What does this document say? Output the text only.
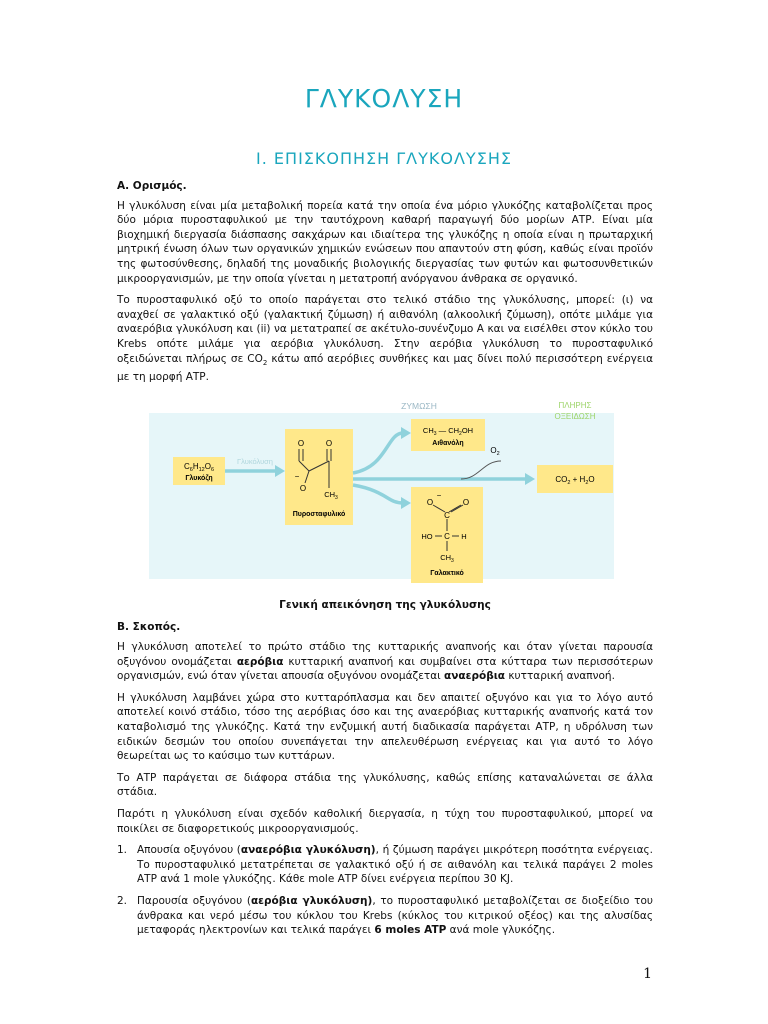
ΓΛΥΚΟΛΥΣΗ
Ι. ΕΠΙΣΚΟΠΗΣΗ ΓΛΥΚΟΛΥΣΗΣ
Α. Ορισμός.

Η γλυκόλυση είναι μία μεταβολική πορεία κατά την οποία ένα μόριο γλυκόζης καταβολίζεται προς δύο μόρια πυροσταφυλικού με την ταυτόχρονη καθαρή παραγωγή δύο μορίων ΑΤΡ. Είναι μία βιοχημική διεργασία διάσπασης σακχάρων και ιδιαίτερα της γλυκόζης η οποία είναι η πρωταρχική μητρική ένωση όλων των οργανικών χημικών ενώσεων που απαντούν στη φύση, καθώς είναι προϊόν της φωτοσύνθεσης, δηλαδή της μοναδικής βιολογικής διεργασίας των φυτών και φωτοσυνθετικών μικροοργανισμών, με την οποία γίνεται η μετατροπή ανόργανου άνθρακα σε οργανικό.

Το πυροσταφυλικό οξύ το οποίο παράγεται στο τελικό στάδιο της γλυκόλυσης, μπορεί: (ι) να αναχθεί σε γαλακτικό οξύ (γαλακτική ζύμωση) ή αιθανόλη (αλκοολική ζύμωση), οπότε μιλάμε για αναερόβια γλυκόλυση και (ii) να μετατραπεί σε ακέτυλο-συνένζυμο Α και να εισέλθει στον κύκλο του Krebs οπότε μιλάμε για αερόβια γλυκόλυση. Στην αερόβια γλυκόλυση το πυροσταφυλικό οξειδώνεται πλήρως σε $CO_2$ κάτω από αερόβιες συνθήκες και μας δίνει πολύ περισσότερη ενέργεια με τη μορφή ΑΤΡ.

ΖΥΜΩΣΗ	ΠΛΗΡΗΣ
ΟΞΕΙΔΩΣΗ
Γλυκόλυση
$C_6H_{12}O_6$
Γλυκόζη
O	O
−
O
$CH_3$
Πυροσταφυλικό
$O_2$
$CH_3$ — $CH_2OH$
Αιθανόλη
−
O	O
C
HO C H
$CH_3$
Γαλακτικό
$CO_2 + H_2O$
Γενική απεικόνηση της γλυκόλυσης
Β. Σκοπός.

Η γλυκόλυση αποτελεί το πρώτο στάδιο της κυτταρικής αναπνοής και όταν γίνεται παρουσία οξυγόνου ονομάζεται αερόβια κυτταρική αναπνοή και συμβαίνει στα κύτταρα των περισσότερων οργανισμών, ενώ όταν γίνεται απουσία οξυγόνου ονομάζεται αναερόβια κυτταρική αναπνοή.

Η γλυκόλυση λαμβάνει χώρα στο κυτταρόπλασμα και δεν απαιτεί οξυγόνο και για το λόγο αυτό αποτελεί κοινό στάδιο, τόσο της αερόβιας όσο και της αναερόβιας κυτταρικής αναπνοής κατά τον καταβολισμό της γλυκόζης. Κατά την ενζυμική αυτή διαδικασία παράγεται ΑΤΡ, η υδρόλυση των ειδικών δεσμών του οποίου συνεπάγεται την απελευθέρωση ενέργειας και για αυτό το λόγο θεωρείται ως το καύσιμο των κυττάρων.

Το ΑΤΡ παράγεται σε διάφορα στάδια της γλυκόλυσης, καθώς επίσης καταναλώνεται σε άλλα στάδια.

Παρότι η γλυκόλυση είναι σχεδόν καθολική διεργασία, η τύχη του πυροσταφυλικού, μπορεί να ποικίλει σε διαφορετικούς μικροοργανισμούς.

1. Απουσία οξυγόνου (αναερόβια γλυκόλυση), ή ζύμωση παράγει μικρότερη ποσότητα ενέργειας. Το πυροσταφυλικό μετατρέπεται σε γαλακτικό οξύ ή σε αιθανόλη και τελικά παράγει 2 moles ΑΤΡ ανά 1 mole γλυκόζης. Κάθε mole ΑΤΡ δίνει ενέργεια περίπου 30 KJ.
2. Παρουσία οξυγόνου (αερόβια γλυκόλυση), το πυροσταφυλικό μεταβολίζεται σε διοξείδιο του άνθρακα και νερό μέσω του κύκλου του Krebs (κύκλος του κιτρικού οξέος) και της αλυσίδας μεταφοράς ηλεκτρονίων και τελικά παράγει 6 moles ATP ανά mole γλυκόζης.
1
